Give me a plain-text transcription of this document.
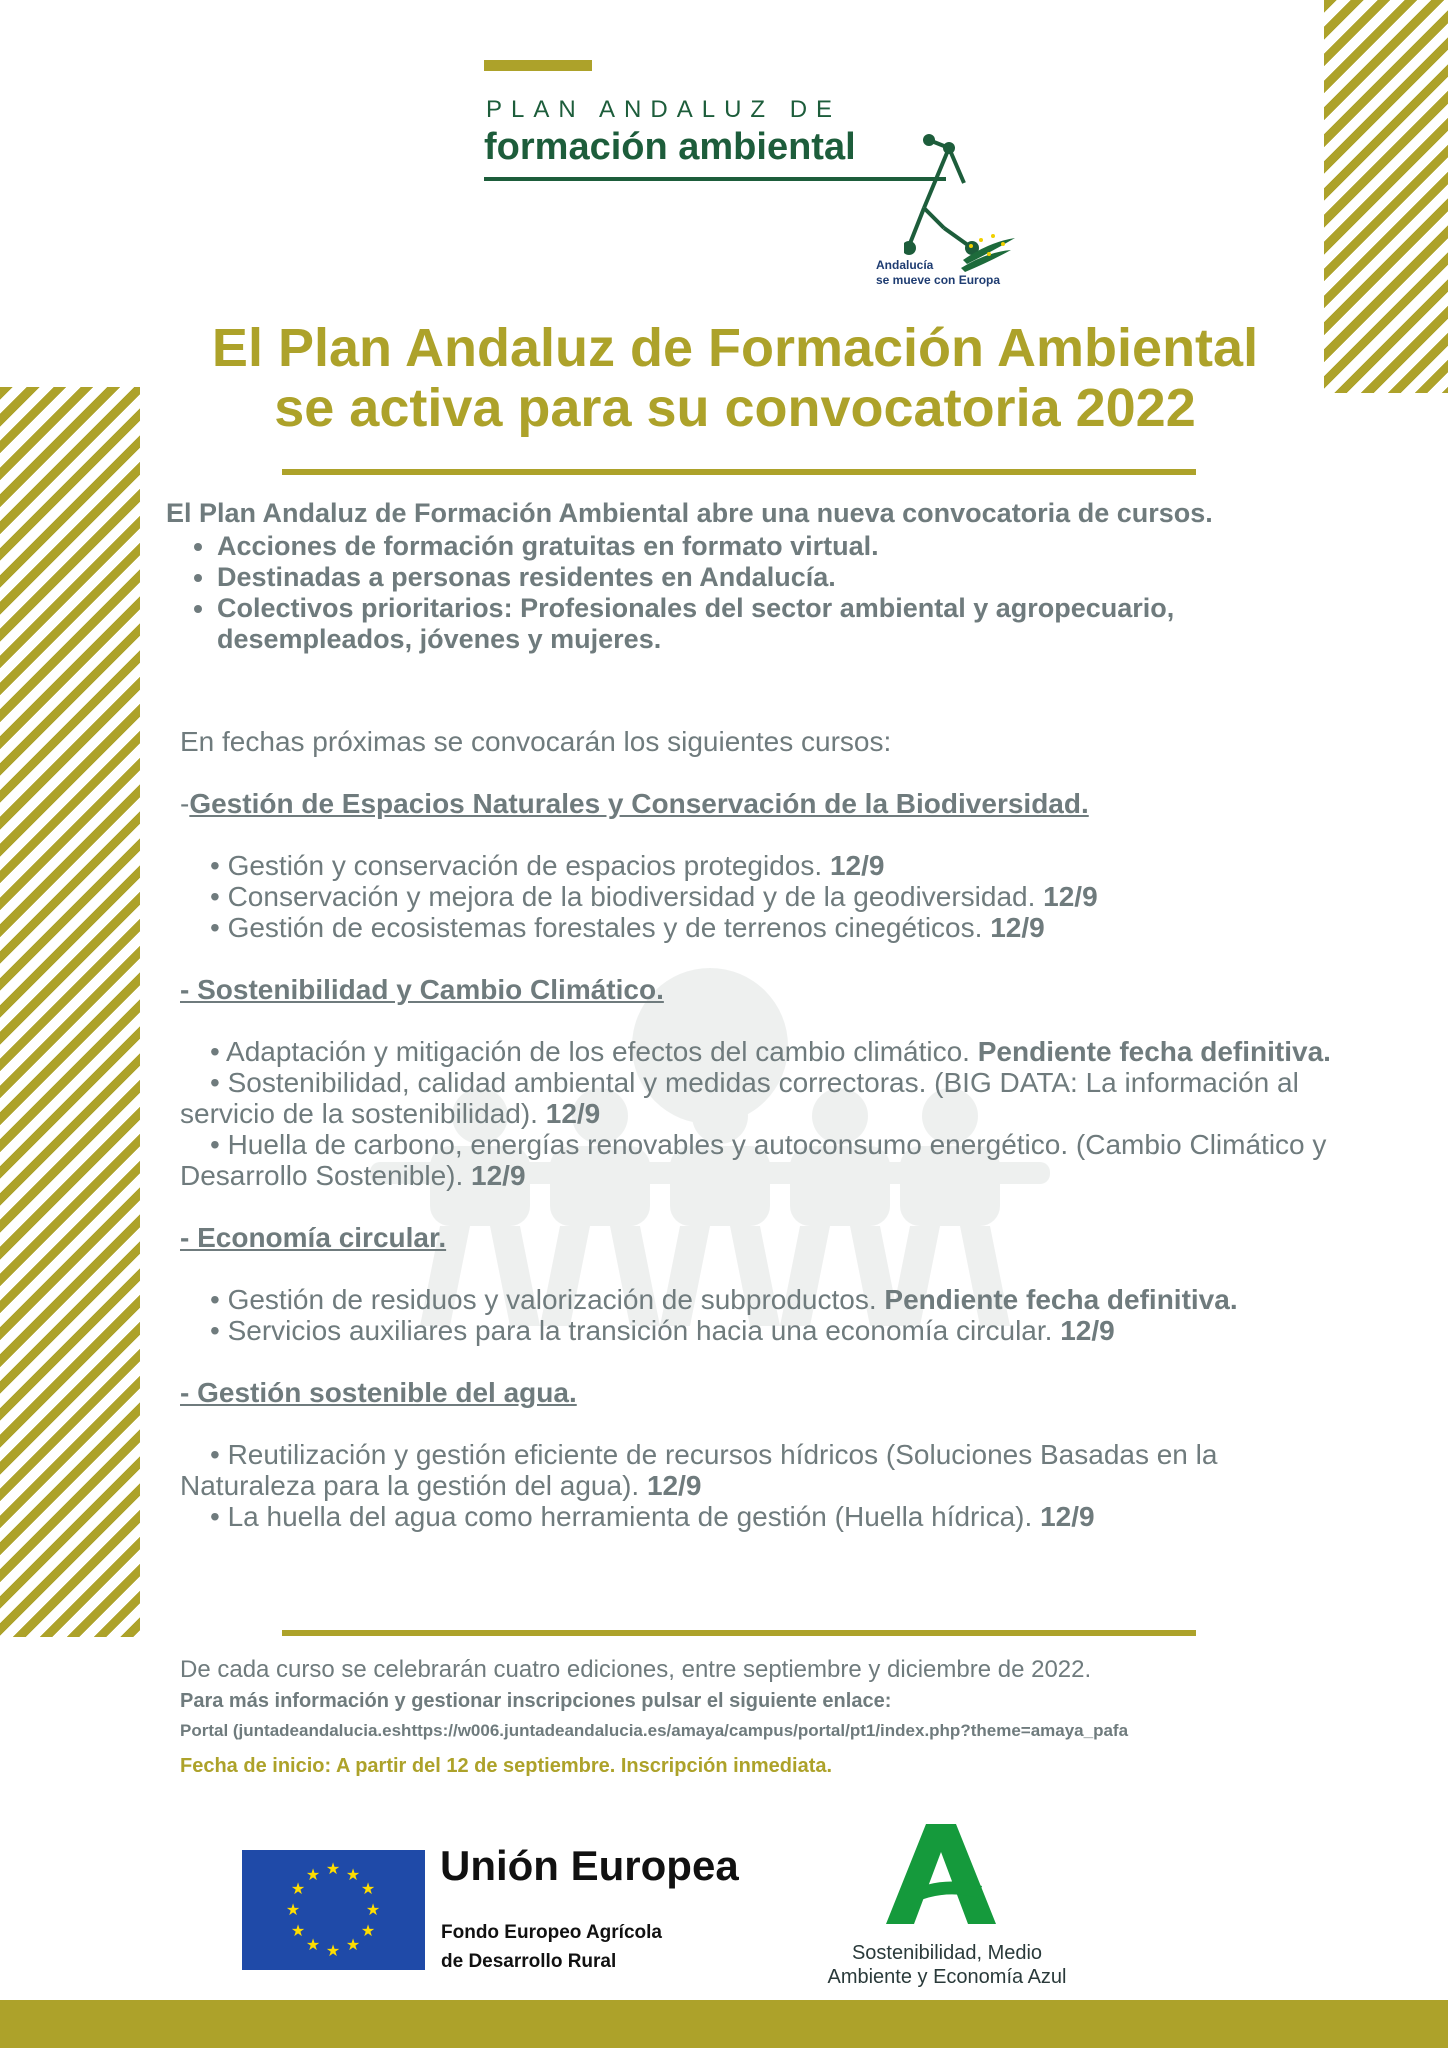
PLAN ANDALUZ DE
formación ambiental
Andalucía
se mueve con Europa
El Plan Andaluz de Formación Ambiental
se activa para su convocatoria 2022
El Plan Andaluz de Formación Ambiental abre una nueva convocatoria de cursos.
• Acciones de formación gratuitas en formato virtual.
• Destinadas a personas residentes en Andalucía.
• Colectivos prioritarios: Profesionales del sector ambiental y agropecuario, desempleados, jóvenes y mujeres.

En fechas próximas se convocarán los siguientes cursos:

-Gestión de Espacios Naturales y Conservación de la Biodiversidad.

• Gestión y conservación de espacios protegidos. 12/9

• Conservación y mejora de la biodiversidad y de la geodiversidad. 12/9

• Gestión de ecosistemas forestales y de terrenos cinegéticos. 12/9

- Sostenibilidad y Cambio Climático.

• Adaptación y mitigación de los efectos del cambio climático. Pendiente fecha definitiva.

• Sostenibilidad, calidad ambiental y medidas correctoras. (BIG DATA: La información al servicio de la sostenibilidad). 12/9

• Huella de carbono, energías renovables y autoconsumo energético. (Cambio Climático y Desarrollo Sostenible). 12/9

- Economía circular.

• Gestión de residuos y valorización de subproductos. Pendiente fecha definitiva.

• Servicios auxiliares para la transición hacia una economía circular. 12/9

- Gestión sostenible del agua.

• Reutilización y gestión eficiente de recursos hídricos (Soluciones Basadas en la Naturaleza para la gestión del agua). 12/9

• La huella del agua como herramienta de gestión (Huella hídrica). 12/9

De cada curso se celebrarán cuatro ediciones, entre septiembre y diciembre de 2022.
Para más información y gestionar inscripciones pulsar el siguiente enlace:
Portal (juntadeandalucia.eshttps://w006.juntadeandalucia.es/amaya/campus/portal/pt1/index.php?theme=amaya_pafa
Fecha de inicio: A partir del 12 de septiembre. Inscripción inmediata.
★ ★
★
★
★
★
★
★
★
★
★
★	Unión Europea
Fondo Europeo Agrícola
de Desarrollo Rural	Sostenibilidad, Medio
Ambiente y Economía Azul
